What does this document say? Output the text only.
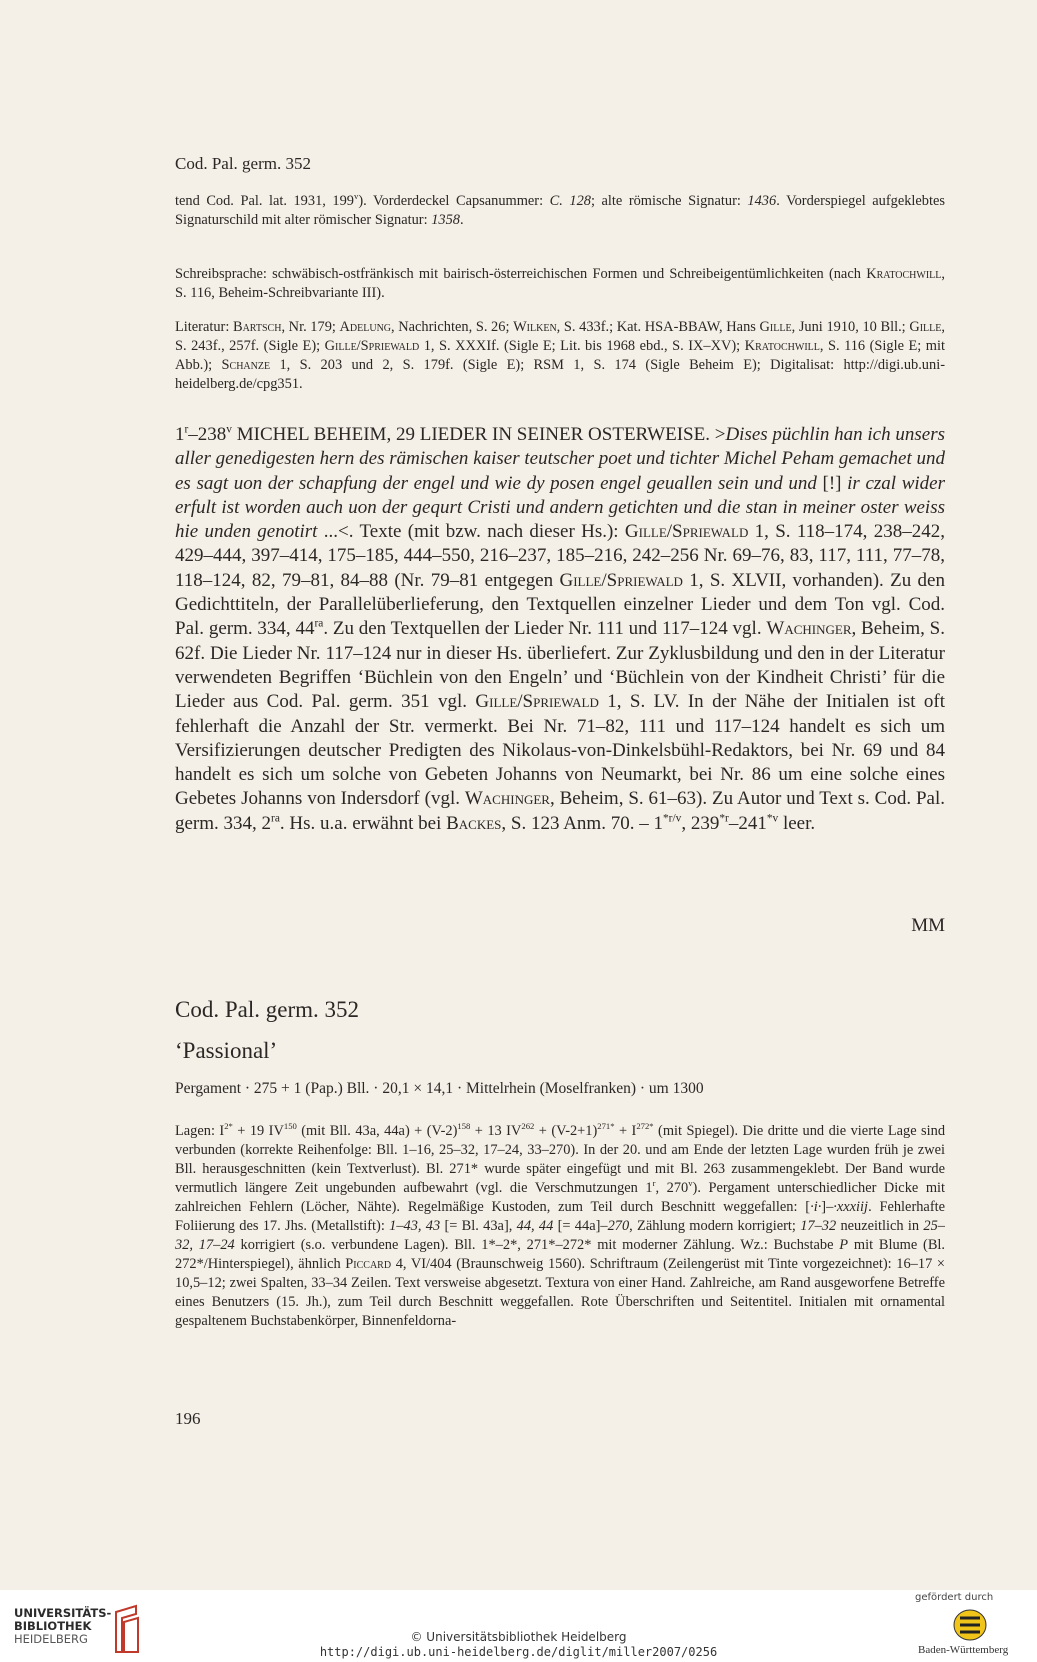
Cod. Pal. germ. 352
tend Cod. Pal. lat. 1931, 199$^v$). Vorderdeckel Capsanummer: C. 128; alte römische Signatur: 1436. Vorderspiegel aufgeklebtes Signaturschild mit alter römischer Signatur: 1358.
Schreibsprache: schwäbisch-ostfränkisch mit bairisch-österreichischen Formen und Schreibeigentümlichkeiten (nach Kratochwill, S. 116, Beheim-Schreibvariante III).
Literatur: Bartsch, Nr. 179; Adelung, Nachrichten, S. 26; Wilken, S. 433f.; Kat. HSA-BBAW, Hans Gille, Juni 1910, 10 Bll.; Gille, S. 243f., 257f. (Sigle E); Gille/Spriewald 1, S. XXXIf. (Sigle E; Lit. bis 1968 ebd., S. IX–XV); Kratochwill, S. 116 (Sigle E; mit Abb.); Schanze 1, S. 203 und 2, S. 179f. (Sigle E); RSM 1, S. 174 (Sigle Beheim E); Digitalisat: http://digi.ub.uni-heidelberg.de/cpg351.
1$^r$–238$^v$ MICHEL BEHEIM, 29 LIEDER IN SEINER OSTERWEISE. >Dises püchlin han ich unsers aller genedigesten hern des rämischen kaiser teutscher poet und tichter Michel Peham gemachet und es sagt uon der schapfung der engel und wie dy posen engel geuallen sein und und [!] ir czal wider erfult ist worden auch uon der gequrt Cristi und andern getichten und die stan in meiner oster weiss hie unden genotirt ...<. Texte (mit bzw. nach dieser Hs.): Gille/Spriewald 1, S. 118–174, 238–242, 429–444, 397–414, 175–185, 444–550, 216–237, 185–216, 242–256 Nr. 69–76, 83, 117, 111, 77–78, 118–124, 82, 79–81, 84–88 (Nr. 79–81 entgegen Gille/Spriewald 1, S. XLVII, vorhanden). Zu den Gedichttiteln, der Parallelüberlieferung, den Textquellen einzelner Lieder und dem Ton vgl. Cod. Pal. germ. 334, $44^{ra}$. Zu den Textquellen der Lieder Nr. 111 und 117–124 vgl. Wachinger, Beheim, S. 62f. Die Lieder Nr. 117–124 nur in dieser Hs. überliefert. Zur Zyklusbildung und den in der Literatur verwendeten Begriffen ‘Büchlein von den Engeln’ und ‘Büchlein von der Kindheit Christi’ für die Lieder aus Cod. Pal. germ. 351 vgl. Gille/Spriewald 1, S. LV. In der Nähe der Initialen ist oft fehlerhaft die Anzahl der Str. vermerkt. Bei Nr. 71–82, 111 und 117–124 handelt es sich um Versifizierungen deutscher Predigten des Nikolaus-von-Dinkelsbühl-Redaktors, bei Nr. 69 und 84 handelt es sich um solche von Gebeten Johanns von Neumarkt, bei Nr. 86 um eine solche eines Gebetes Johanns von Indersdorf (vgl. Wachinger, Beheim, S. 61–63). Zu Autor und Text s. Cod. Pal. germ. 334, $2^{ra}$. Hs. u.a. erwähnt bei Backes, S. 123 Anm. 70. – $1^{*r/v}$, 239$^{*r}$–241$^{*v}$ leer.
MM
Cod. Pal. germ. 352
‘Passional’
Pergament · 275 + 1 (Pap.) Bll. · 20,1 × 14,1 · Mittelrhein (Moselfranken) · um 1300
Lagen: $I^{2*} + 19$ IV$^{150}$ (mit Bll. 43a, $44a) + (V-2)^{158} + 13$ $IV^{262} + (V-2+1)^{271*} + I^{272*}$ (mit Spiegel). Die dritte und die vierte Lage sind verbunden (korrekte Reihenfolge: Bll. 1–16, 25–32, 17–24, 33–270). In der 20. und am Ende der letzten Lage wurden früh je zwei Bll. herausgeschnitten (kein Textverlust). Bl. 271* wurde später eingefügt und mit Bl. 263 zusammengeklebt. Der Band wurde vermutlich längere Zeit ungebunden aufbewahrt (vgl. die Verschmutzungen 1$^r$, 270$^v$). Pergament unterschiedlicher Dicke mit zahlreichen Fehlern (Löcher, Nähte). Regelmäßige Kustoden, zum Teil durch Beschnitt weggefallen: [·i·]–·xxxiij. Fehlerhafte Foliierung des 17. Jhs. (Metallstift): 1–43, 43 [= Bl. 43a], 44, 44 [= 44a]–270, Zählung modern korrigiert; 17–32 neuzeitlich in 25–32, 17–24 korrigiert (s.o. verbundene Lagen). Bll. 1*–2*, 271*–272* mit moderner Zählung. Wz.: Buchstabe P mit Blume (Bl. 272*/Hinterspiegel), ähnlich Piccard 4, VI/404 (Braunschweig 1560). Schriftraum (Zeilengerüst mit Tinte vorgezeichnet): 16–17 × 10,5–12; zwei Spalten, 33–34 Zeilen. Text versweise abgesetzt. Textura von einer Hand. Zahlreiche, am Rand ausgeworfene Betreffe eines Benutzers (15. Jh.), zum Teil durch Beschnitt weggefallen. Rote Überschriften und Seitentitel. Initialen mit ornamental gespaltenem Buchstabenkörper, Binnenfeldorna-
196
UNIVERSITÄTS-
BIBLIOTHEK
HEIDELBERG	© Universitätsbibliothek Heidelberg
http://digi.ub.uni-heidelberg.de/diglit/miller2007/0256
gefördert durch
Baden-Württemberg
